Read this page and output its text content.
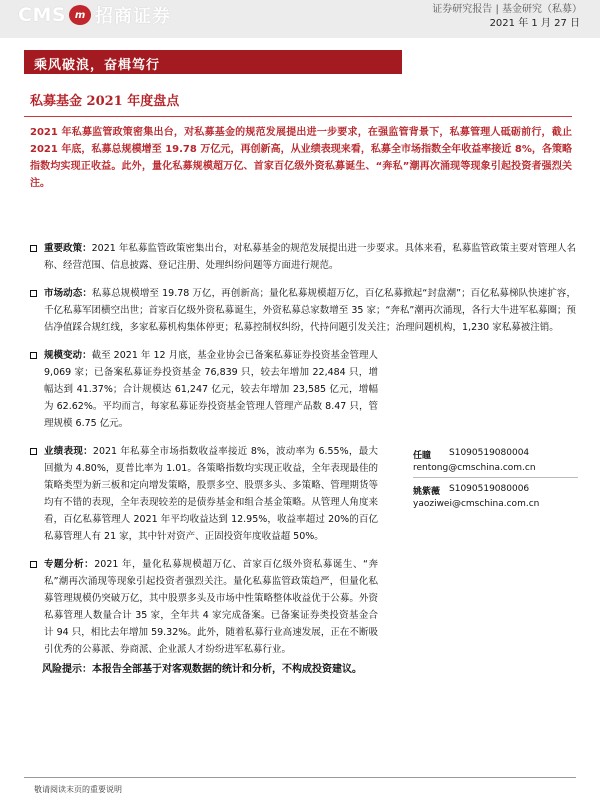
CMS m 招商证券	证券研究报告 | 基金研究（私募）
2021 年 1 月 27 日
乘风破浪，奋楫笃行
私募基金 2021 年度盘点
2021 年私募监管政策密集出台，对私募基金的规范发展提出进一步要求，在强监管背景下，私募管理人砥砺前行，截止 2021 年底，私募总规模增至 19.78 万亿元，再创新高，从业绩表现来看，私募全市场指数全年收益率接近 8%，各策略指数均实现正收益。此外，量化私募规模超万亿、首家百亿级外资私募诞生、“奔私”潮再次涌现等现象引起投资者强烈关注。
重要政策：2021 年私募监管政策密集出台，对私募基金的规范发展提出进一步要求。具体来看，私募监管政策主要对管理人名称、经营范围、信息披露、登记注册、处理纠纷问题等方面进行规范。
市场动态：私募总规模增至 19.78 万亿，再创新高；量化私募规模超万亿，百亿私募掀起“封盘潮”；百亿私募梯队快速扩容，千亿私募军团横空出世；首家百亿级外资私募诞生，外资私募总家数增至 35 家；“奔私”潮再次涌现，各行大牛进军私募圈；预估净值踩合规红线，多家私募机构集体停更；私募控制权纠纷，代持问题引发关注；治理问题机构，1,230 家私募被注销。
规模变动：截至 2021 年 12 月底，基金业协会已备案私募证券投资基金管理人 9,069 家；已备案私募证券投资基金 76,839 只，较去年增加 22,484 只，增幅达到 41.37%；合计规模达 61,247 亿元，较去年增加 23,585 亿元，增幅为 62.62%。平均而言，每家私募证券投资基金管理人管理产品数 8.47 只，管理规模 6.75 亿元。
业绩表现：2021 年私募全市场指数收益率接近 8%，波动率为 6.55%，最大回撤为 4.80%，夏普比率为 1.01。各策略指数均实现正收益，全年表现最佳的策略类型为新三板和定向增发策略，股票多空、股票多头、多策略、管理期货等均有不错的表现，全年表现较差的是债券基金和组合基金策略。从管理人角度来看，百亿私募管理人 2021 年平均收益达到 12.95%，收益率超过 20%的百亿私募管理人有 21 家，其中针对资产、正固投资年度收益超 50%。
专题分析：2021 年，量化私募规模超万亿、首家百亿级外资私募诞生、“奔私”潮再次涌现等现象引起投资者强烈关注。量化私募监管政策趋严，但量化私募管理规模仍突破万亿，其中股票多头及市场中性策略整体收益优于公募。外资私募管理人数量合计 35 家，全年共 4 家完成备案。已备案证券类投资基金合计 94 只，相比去年增加 59.32%。此外，随着私募行业高速发展，正在不断吸引优秀的公募派、券商派、企业派人才纷纷进军私募行业。
任瞳	S1090519080004
rentong@cmschina.com.cn
姚紫薇 S1090519080006
yaoziwei@cmschina.com.cn
风险提示：本报告全部基于对客观数据的统计和分析，不构成投资建议。
敬请阅读末页的重要说明
